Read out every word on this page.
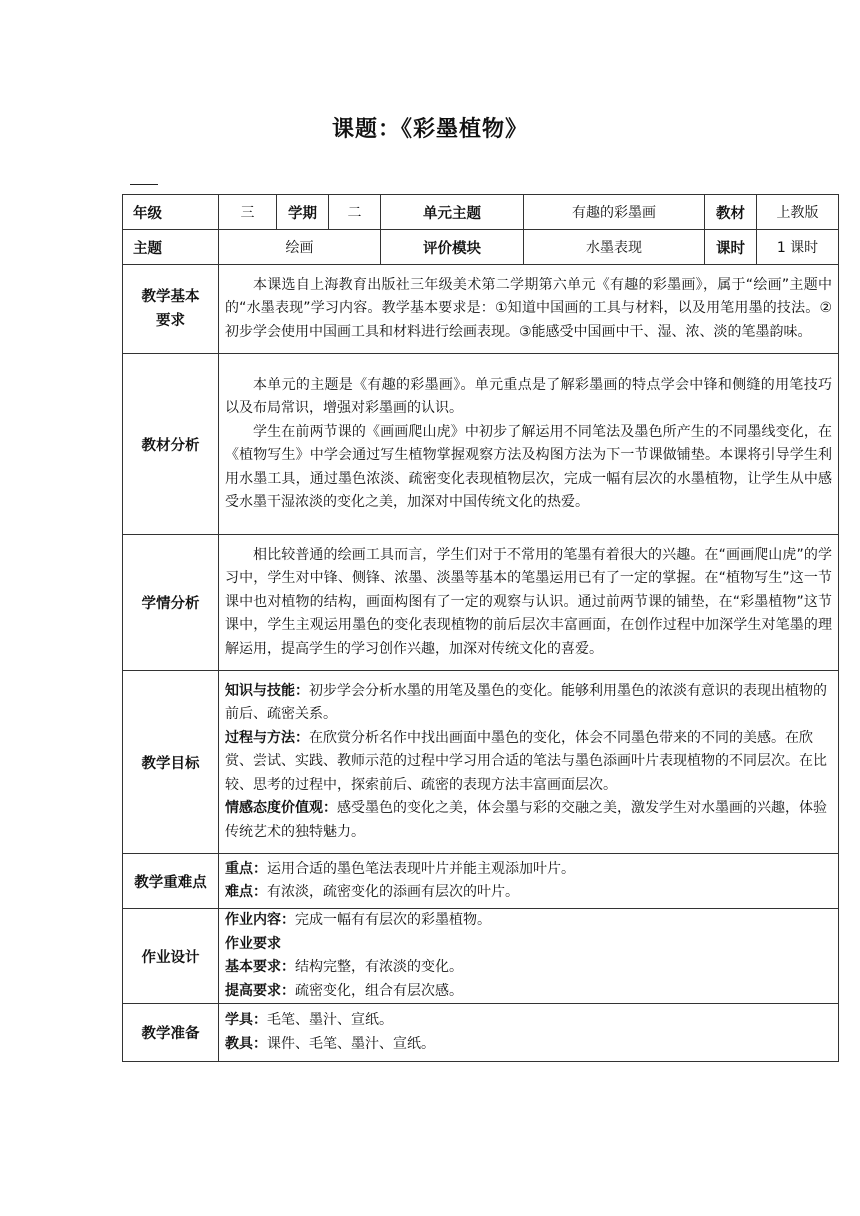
课题：《彩墨植物》
年级	三	学期	二	单元主题	有趣的彩墨画	教材	上教版
主题	绘画			评价模块	水墨表现	课时	1 课时

教学基本
要求	本课选自上海教育出版社三年级美术第二学期第六单元《有趣的彩墨画》，属于“绘画”主题中的“水墨表现”学习内容。教学基本要求是：①知道中国画的工具与材料，以及用笔用墨的技法。②初步学会使用中国画工具和材料进行绘画表现。③能感受中国画中干、湿、浓、淡的笔墨韵味。						

教材分析	本单元的主题是《有趣的彩墨画》。单元重点是了解彩墨画的特点学会中锋和侧缝的用笔技巧以及布局常识，增强对彩墨画的认识。

学生在前两节课的《画画爬山虎》中初步了解运用不同笔法及墨色所产生的不同墨线变化，在《植物写生》中学会通过写生植物掌握观察方法及构图方法为下一节课做铺垫。本课将引导学生利用水墨工具，通过墨色浓淡、疏密变化表现植物层次，完成一幅有层次的水墨植物，让学生从中感受水墨干湿浓淡的变化之美，加深对中国传统文化的热爱。						

学情分析	相比较普通的绘画工具而言，学生们对于不常用的笔墨有着很大的兴趣。在“画画爬山虎”的学习中，学生对中锋、侧锋、浓墨、淡墨等基本的笔墨运用已有了一定的掌握。在“植物写生”这一节课中也对植物的结构，画面构图有了一定的观察与认识。通过前两节课的铺垫，在“彩墨植物”这节课中，学生主观运用墨色的变化表现植物的前后层次丰富画面，在创作过程中加深学生对笔墨的理解运用，提高学生的学习创作兴趣，加深对传统文化的喜爱。						

教学目标	知识与技能：初步学会分析水墨的用笔及墨色的变化。能够利用墨色的浓淡有意识的表现出植物的前后、疏密关系。

过程与方法：在欣赏分析名作中找出画面中墨色的变化，体会不同墨色带来的不同的美感。在欣赏、尝试、实践、教师示范的过程中学习用合适的笔法与墨色添画叶片表现植物的不同层次。在比较、思考的过程中，探索前后、疏密的表现方法丰富画面层次。

情感态度价值观：感受墨色的变化之美，体会墨与彩的交融之美，激发学生对水墨画的兴趣，体验传统艺术的独特魅力。						

教学重难点	重点：运用合适的墨色笔法表现叶片并能主观添加叶片。

难点：有浓淡，疏密变化的添画有层次的叶片。						

作业设计	作业内容：完成一幅有有层次的彩墨植物。

作业要求

基本要求：结构完整，有浓淡的变化。

提高要求：疏密变化，组合有层次感。						

教学准备	学具：毛笔、墨汁、宣纸。

教具：课件、毛笔、墨汁、宣纸。						
